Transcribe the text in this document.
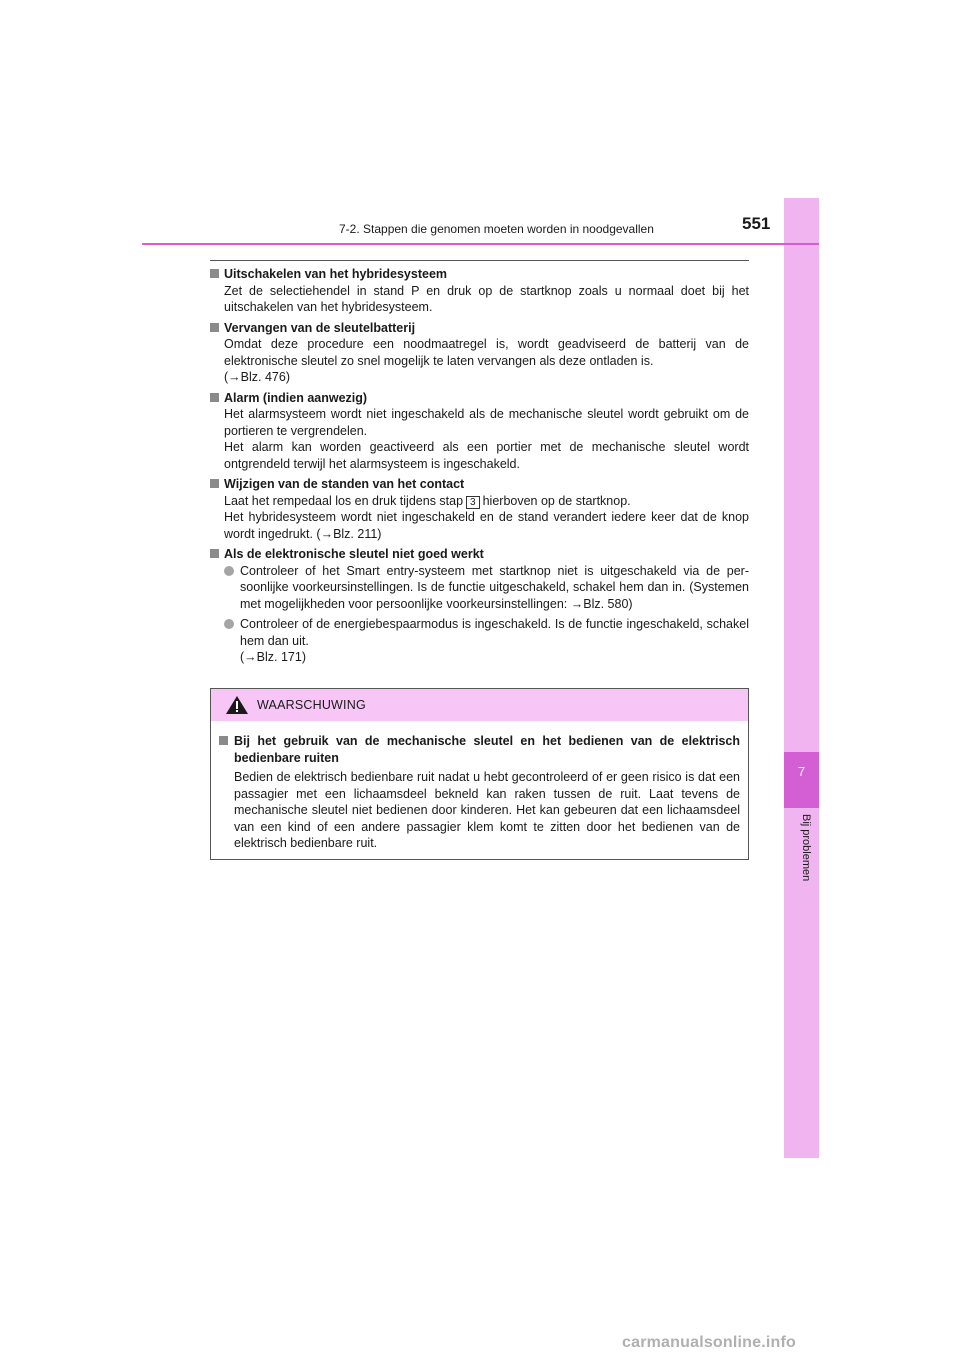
7
Bij problemen
7-2. Stappen die genomen moeten worden in noodgevallen	551
Uitschakelen van het hybridesysteem

Zet de selectiehendel in stand P en druk op de startknop zoals u normaal doet bij het uitschakelen van het hybridesysteem.

Vervangen van de sleutelbatterij

Omdat deze procedure een noodmaatregel is, wordt geadviseerd de batterij van de elektronische sleutel zo snel mogelijk te laten vervangen als deze ontladen is.

(→Blz. 476)

Alarm (indien aanwezig)

Het alarmsysteem wordt niet ingeschakeld als de mechanische sleutel wordt gebruikt om de portieren te vergrendelen.

Het alarm kan worden geactiveerd als een portier met de mechanische sleutel wordt ontgrendeld terwijl het alarmsysteem is ingeschakeld.

Wijzigen van de standen van het contact

Laat het rempedaal los en druk tijdens stap 3 hierboven op de startknop.

Het hybridesysteem wordt niet ingeschakeld en de stand verandert iedere keer dat de knop wordt ingedrukt. (→Blz. 211)

Als de elektronische sleutel niet goed werkt
Controleer of het Smart entry-systeem met startknop niet is uitgeschakeld via de per-soonlijke voorkeursinstellingen. Is de functie uitgeschakeld, schakel hem dan in. (Systemen met mogelijkheden voor persoonlijke voorkeursinstellingen: →Blz. 580)
Controleer of de energiebespaarmodus is ingeschakeld. Is de functie ingeschakeld, schakel hem dan uit.
(→Blz. 171)
WAARSCHUWING
Bij het gebruik van de mechanische sleutel en het bedienen van de elektrisch bedienbare ruiten

Bedien de elektrisch bedienbare ruit nadat u hebt gecontroleerd of er geen risico is dat een passagier met een lichaamsdeel bekneld kan raken tussen de ruit. Laat tevens de mechanische sleutel niet bedienen door kinderen. Het kan gebeuren dat een lichaamsdeel van een kind of een andere passagier klem komt te zitten door het bedienen van de elektrisch bedienbare ruit.

carmanualsonline.info
